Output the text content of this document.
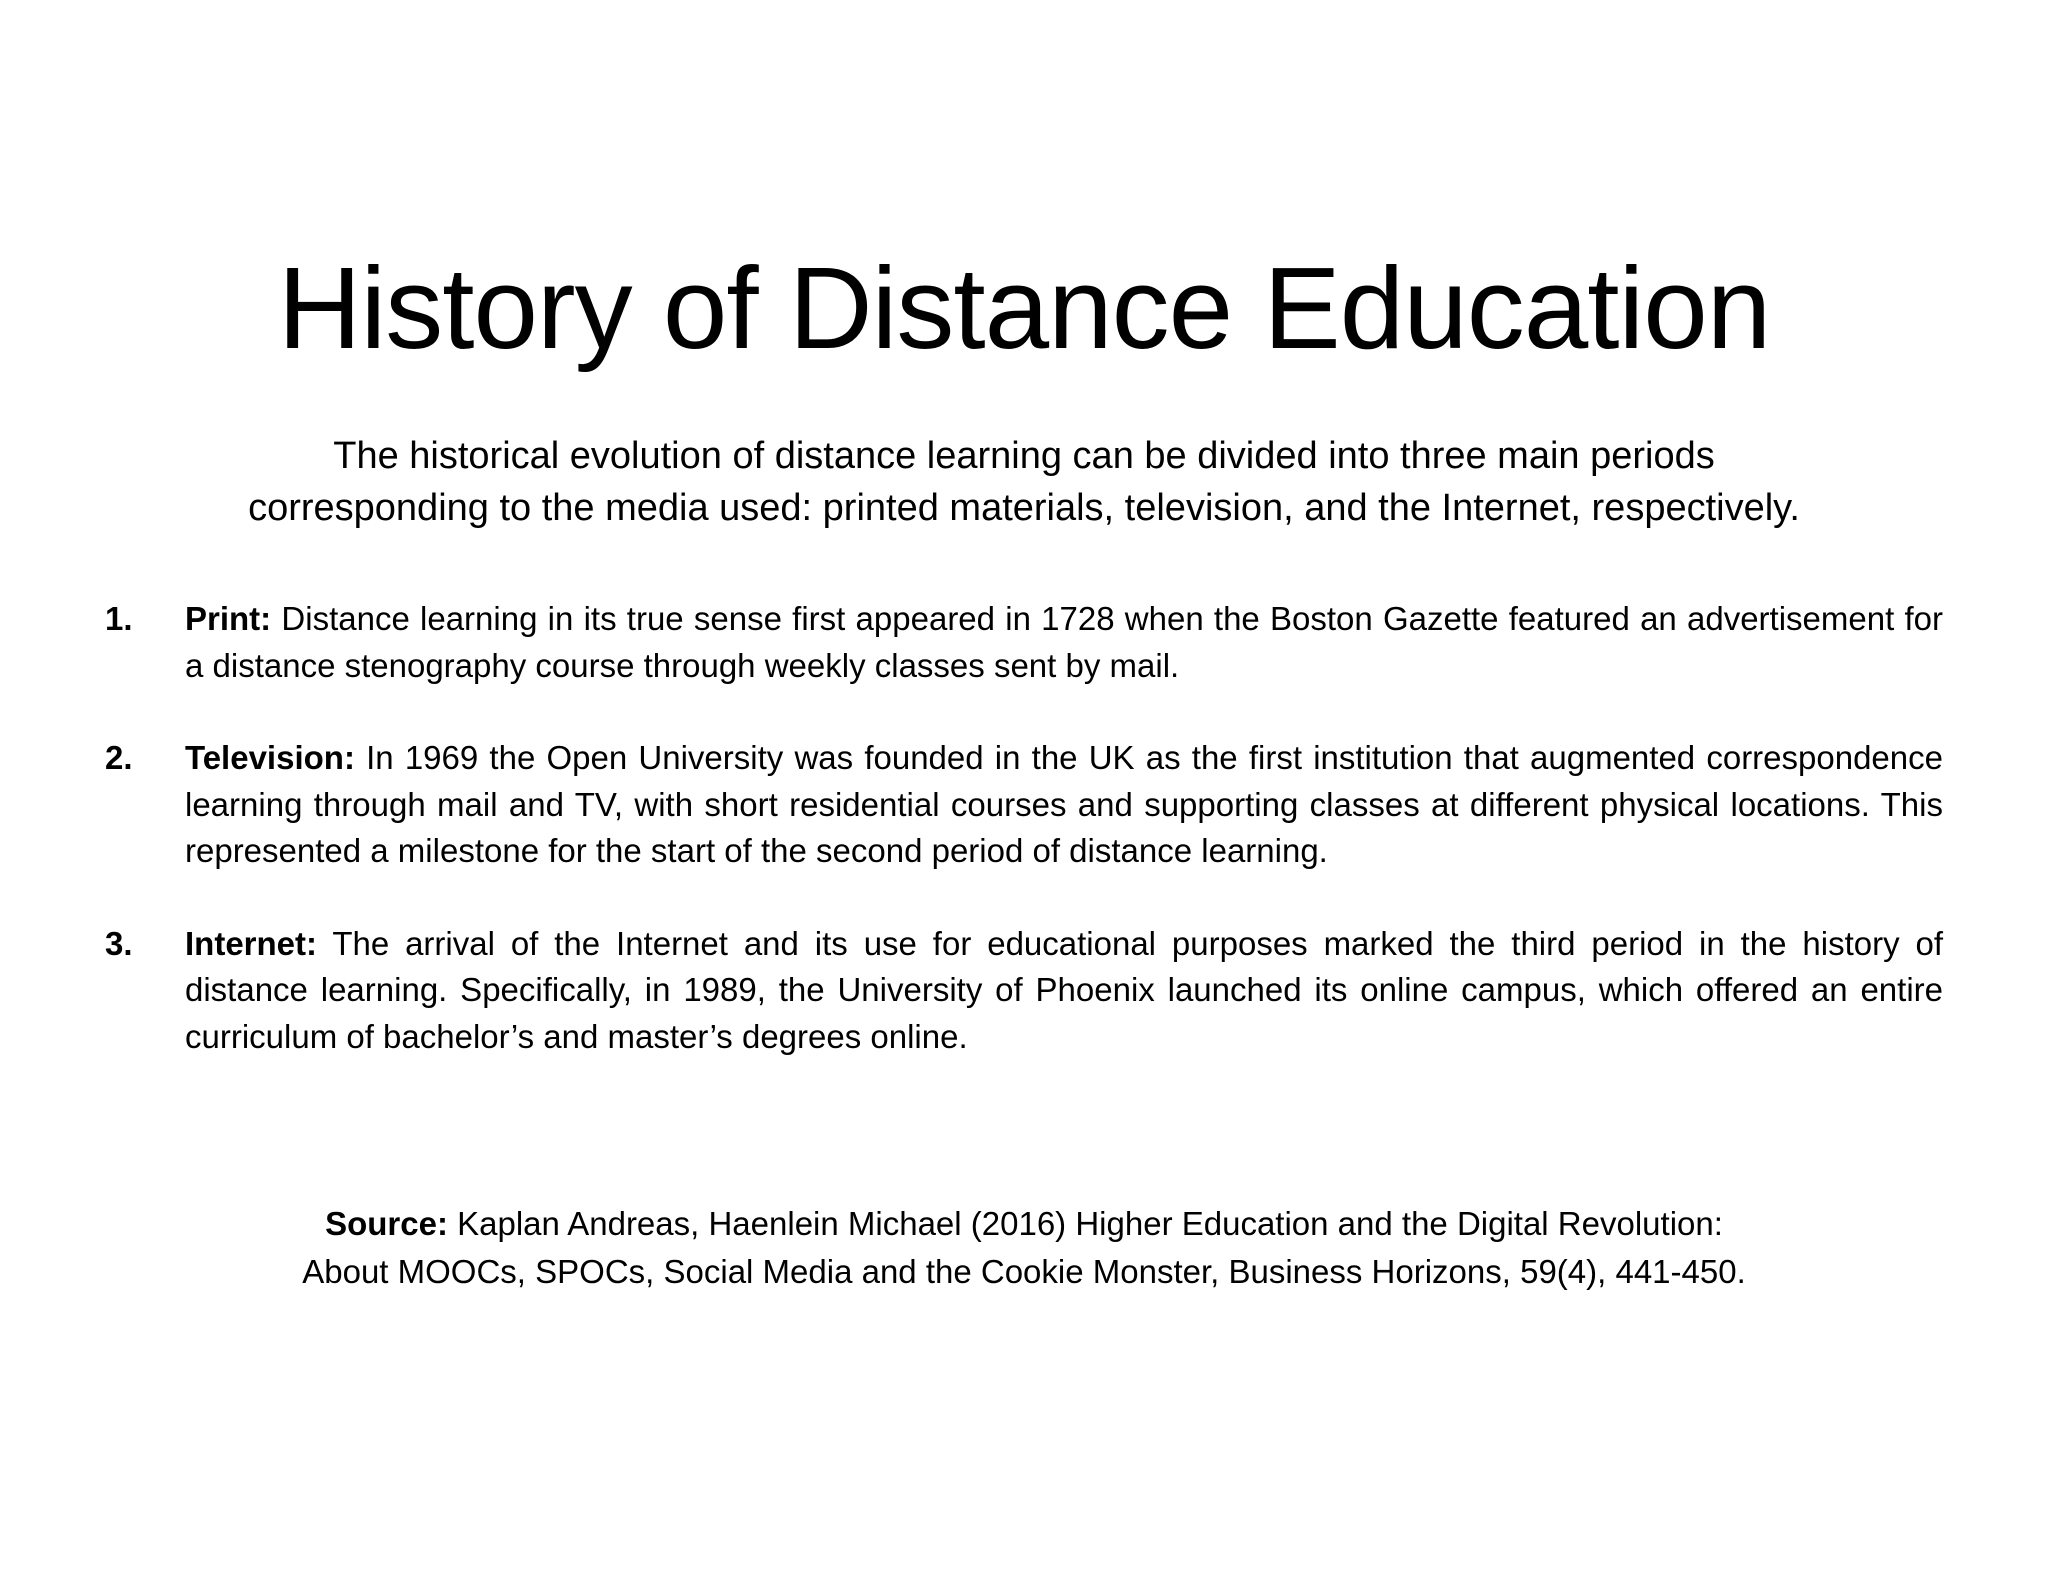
History of Distance Education

The historical evolution of distance learning can be divided into three main periods
corresponding to the media used: printed materials, television, and the Internet, respectively.

1. Print: Distance learning in its true sense first appeared in 1728 when the Boston Gazette featured an advertisement for a distance stenography course through weekly classes sent by mail.
2. Television: In 1969 the Open University was founded in the UK as the first institution that augmented correspondence learning through mail and TV, with short residential courses and supporting classes at different physical locations. This represented a milestone for the start of the second period of distance learning.
3. Internet: The arrival of the Internet and its use for educational purposes marked the third period in the history of distance learning. Specifically, in 1989, the University of Phoenix launched its online campus, which offered an entire curriculum of bachelor’s and master’s degrees online.

Source: Kaplan Andreas, Haenlein Michael (2016) Higher Education and the Digital Revolution:
About MOOCs, SPOCs, Social Media and the Cookie Monster, Business Horizons, 59(4), 441-450.
